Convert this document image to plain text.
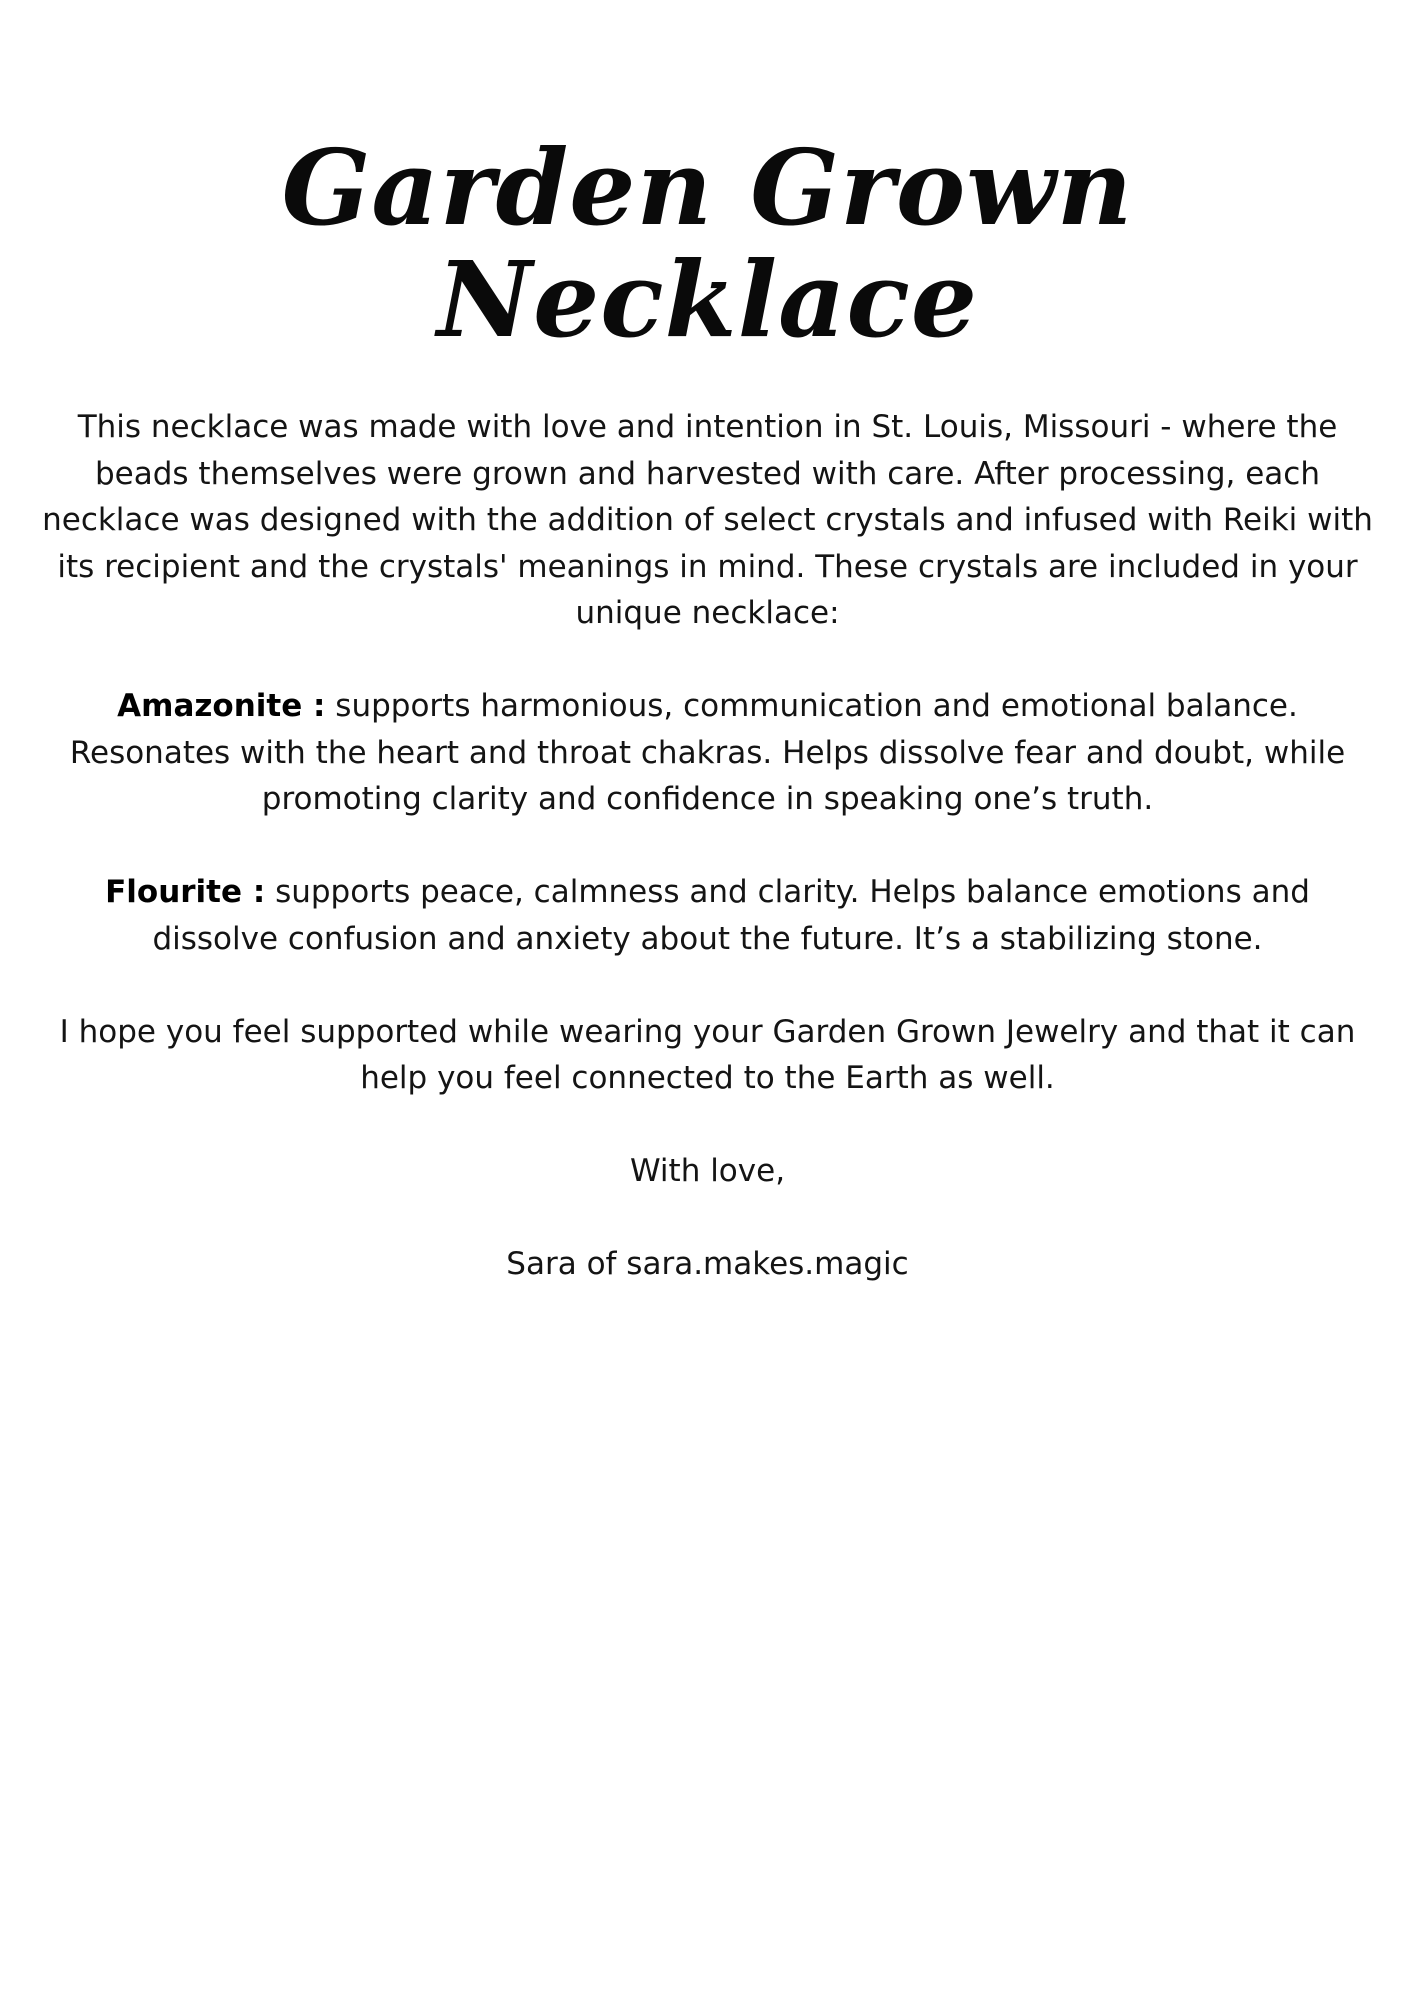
Garden Grown
Necklace

This necklace was made with love and intention in St. Louis, Missouri - where the beads themselves were grown and harvested with care. After processing, each necklace was designed with the addition of select crystals and infused with Reiki with its recipient and the crystals' meanings in mind. These crystals are included in your unique necklace:

Amazonite : supports harmonious, communication and emotional balance. Resonates with the heart and throat chakras. Helps dissolve fear and doubt, while promoting clarity and confidence in speaking one’s truth.

Flourite : supports peace, calmness and clarity. Helps balance emotions and dissolve confusion and anxiety about the future. It’s a stabilizing stone.

I hope you feel supported while wearing your Garden Grown Jewelry and that it can help you feel connected to the Earth as well.

With love,

Sara of sara.makes.magic
